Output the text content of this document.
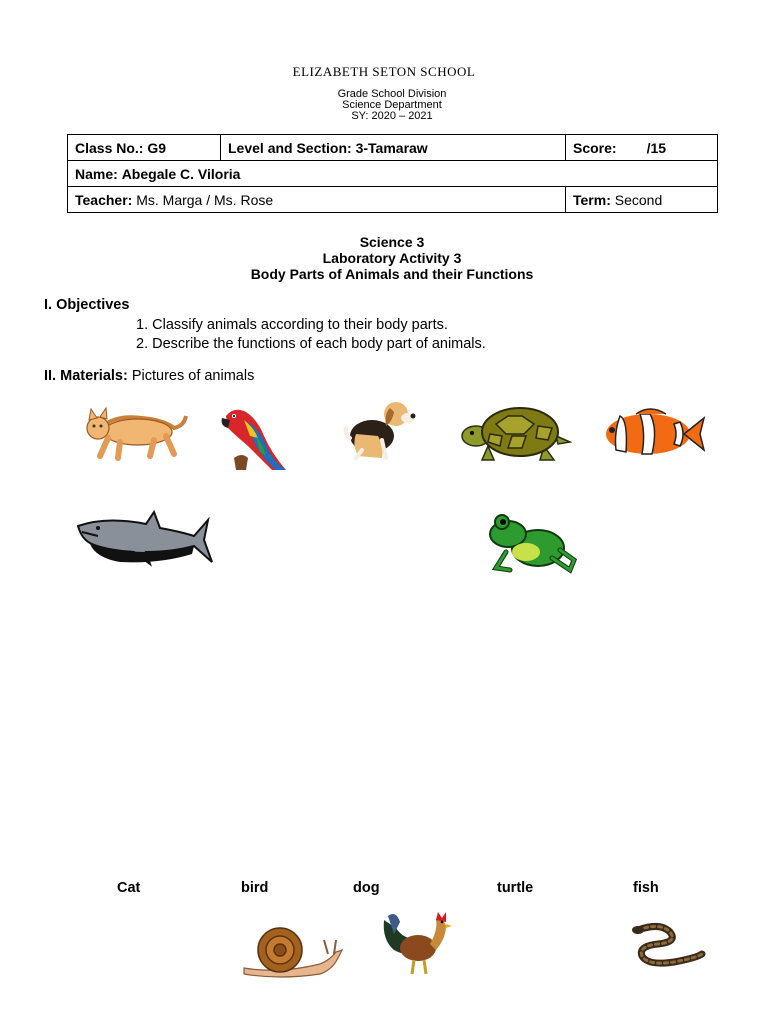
ELIZABETH SETON SCHOOL
Grade School Division
Science Department
SY: 2020 – 2021
Class No.: G9	Level and Section: 3-Tamaraw	Score: /15
Name: Abegale C. Viloria		
Teacher: Ms. Marga / Ms. Rose		Term: Second
Science 3
Laboratory Activity 3
Body Parts of Animals and their Functions
I. Objectives
1. Classify animals according to their body parts.
2. Describe the functions of each body part of animals.
II. Materials: Pictures of animals
Cat	bird	dog	turtle	fish
